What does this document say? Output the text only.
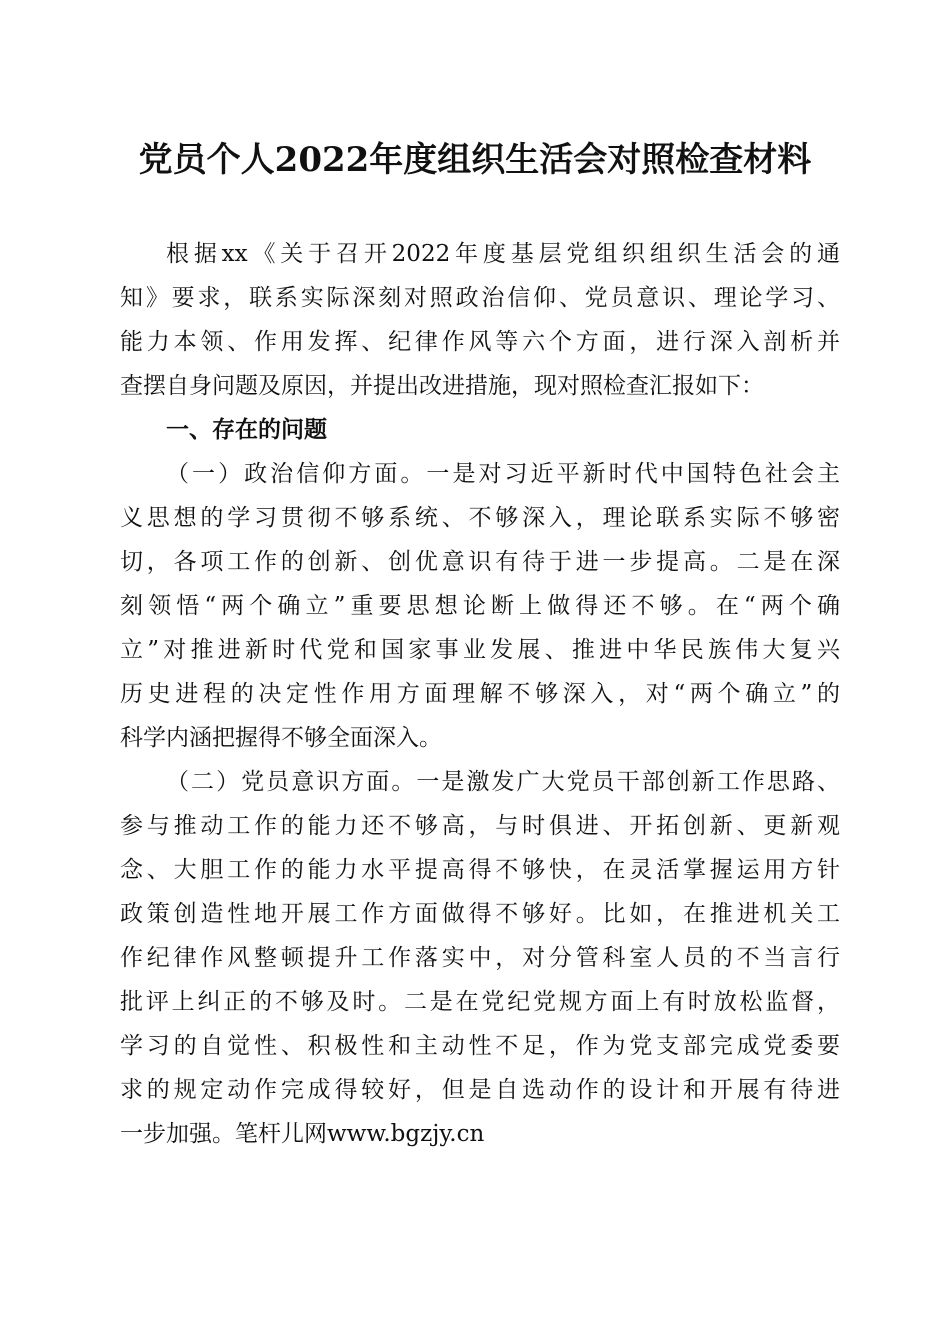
党员个人2022年度组织生活会对照检查材料
根据xx《关于召开2022年度基层党组织组织生活会的通
知》要求，联系实际深刻对照政治信仰、党员意识、理论学习、
能力本领、作用发挥、纪律作风等六个方面，进行深入剖析并
查摆自身问题及原因，并提出改进措施，现对照检查汇报如下：
一、存在的问题
（一）政治信仰方面。一是对习近平新时代中国特色社会主
义思想的学习贯彻不够系统、不够深入，理论联系实际不够密
切，各项工作的创新、创优意识有待于进一步提高。二是在深
刻领悟“两个确立”重要思想论断上做得还不够。在“两个确
立”对推进新时代党和国家事业发展、推进中华民族伟大复兴
历史进程的决定性作用方面理解不够深入，对“两个确立”的
科学内涵把握得不够全面深入。
（二）党员意识方面。一是激发广大党员干部创新工作思路、
参与推动工作的能力还不够高，与时俱进、开拓创新、更新观
念、大胆工作的能力水平提高得不够快，在灵活掌握运用方针
政策创造性地开展工作方面做得不够好。比如，在推进机关工
作纪律作风整顿提升工作落实中，对分管科室人员的不当言行
批评上纠正的不够及时。二是在党纪党规方面上有时放松监督，
学习的自觉性、积极性和主动性不足，作为党支部完成党委要
求的规定动作完成得较好，但是自选动作的设计和开展有待进
一步加强。笔杆儿网www.bgzjy.cn
